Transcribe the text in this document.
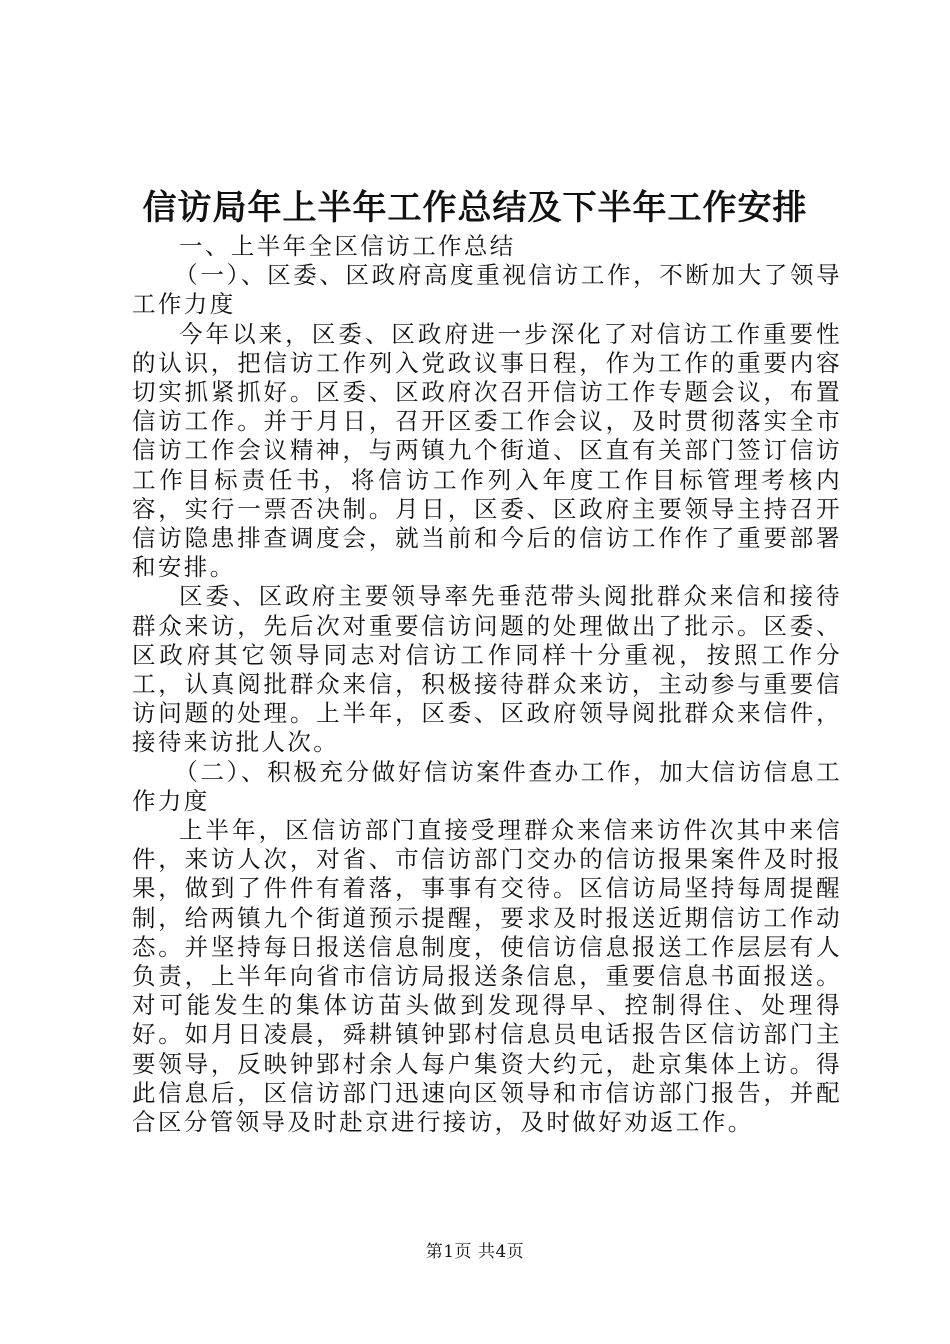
信访局年上半年工作总结及下半年工作安排

一、上半年全区信访工作总结

（一）、区委、区政府高度重视信访工作，不断加大了领导工作力度

今年以来，区委、区政府进一步深化了对信访工作重要性的认识，把信访工作列入党政议事日程，作为工作的重要内容切实抓紧抓好。区委、区政府次召开信访工作专题会议，布置信访工作。并于月日，召开区委工作会议，及时贯彻落实全市信访工作会议精神，与两镇九个街道、区直有关部门签订信访工作目标责任书，将信访工作列入年度工作目标管理考核内容，实行一票否决制。月日，区委、区政府主要领导主持召开信访隐患排查调度会，就当前和今后的信访工作作了重要部署和安排。

区委、区政府主要领导率先垂范带头阅批群众来信和接待群众来访，先后次对重要信访问题的处理做出了批示。区委、区政府其它领导同志对信访工作同样十分重视，按照工作分工，认真阅批群众来信，积极接待群众来访，主动参与重要信访问题的处理。上半年，区委、区政府领导阅批群众来信件，接待来访批人次。

（二）、积极充分做好信访案件查办工作，加大信访信息工作力度

上半年，区信访部门直接受理群众来信来访件次其中来信件，来访人次，对省、市信访部门交办的信访报果案件及时报果，做到了件件有着落，事事有交待。区信访局坚持每周提醒制，给两镇九个街道预示提醒，要求及时报送近期信访工作动态。并坚持每日报送信息制度，使信访信息报送工作层层有人负责，上半年向省市信访局报送条信息，重要信息书面报送。对可能发生的集体访苗头做到发现得早、控制得住、处理得好。如月日凌晨，舜耕镇钟郢村信息员电话报告区信访部门主要领导，反映钟郢村余人每户集资大约元，赴京集体上访。得此信息后，区信访部门迅速向区领导和市信访部门报告，并配合区分管领导及时赴京进行接访，及时做好劝返工作。

第1页 共4页
